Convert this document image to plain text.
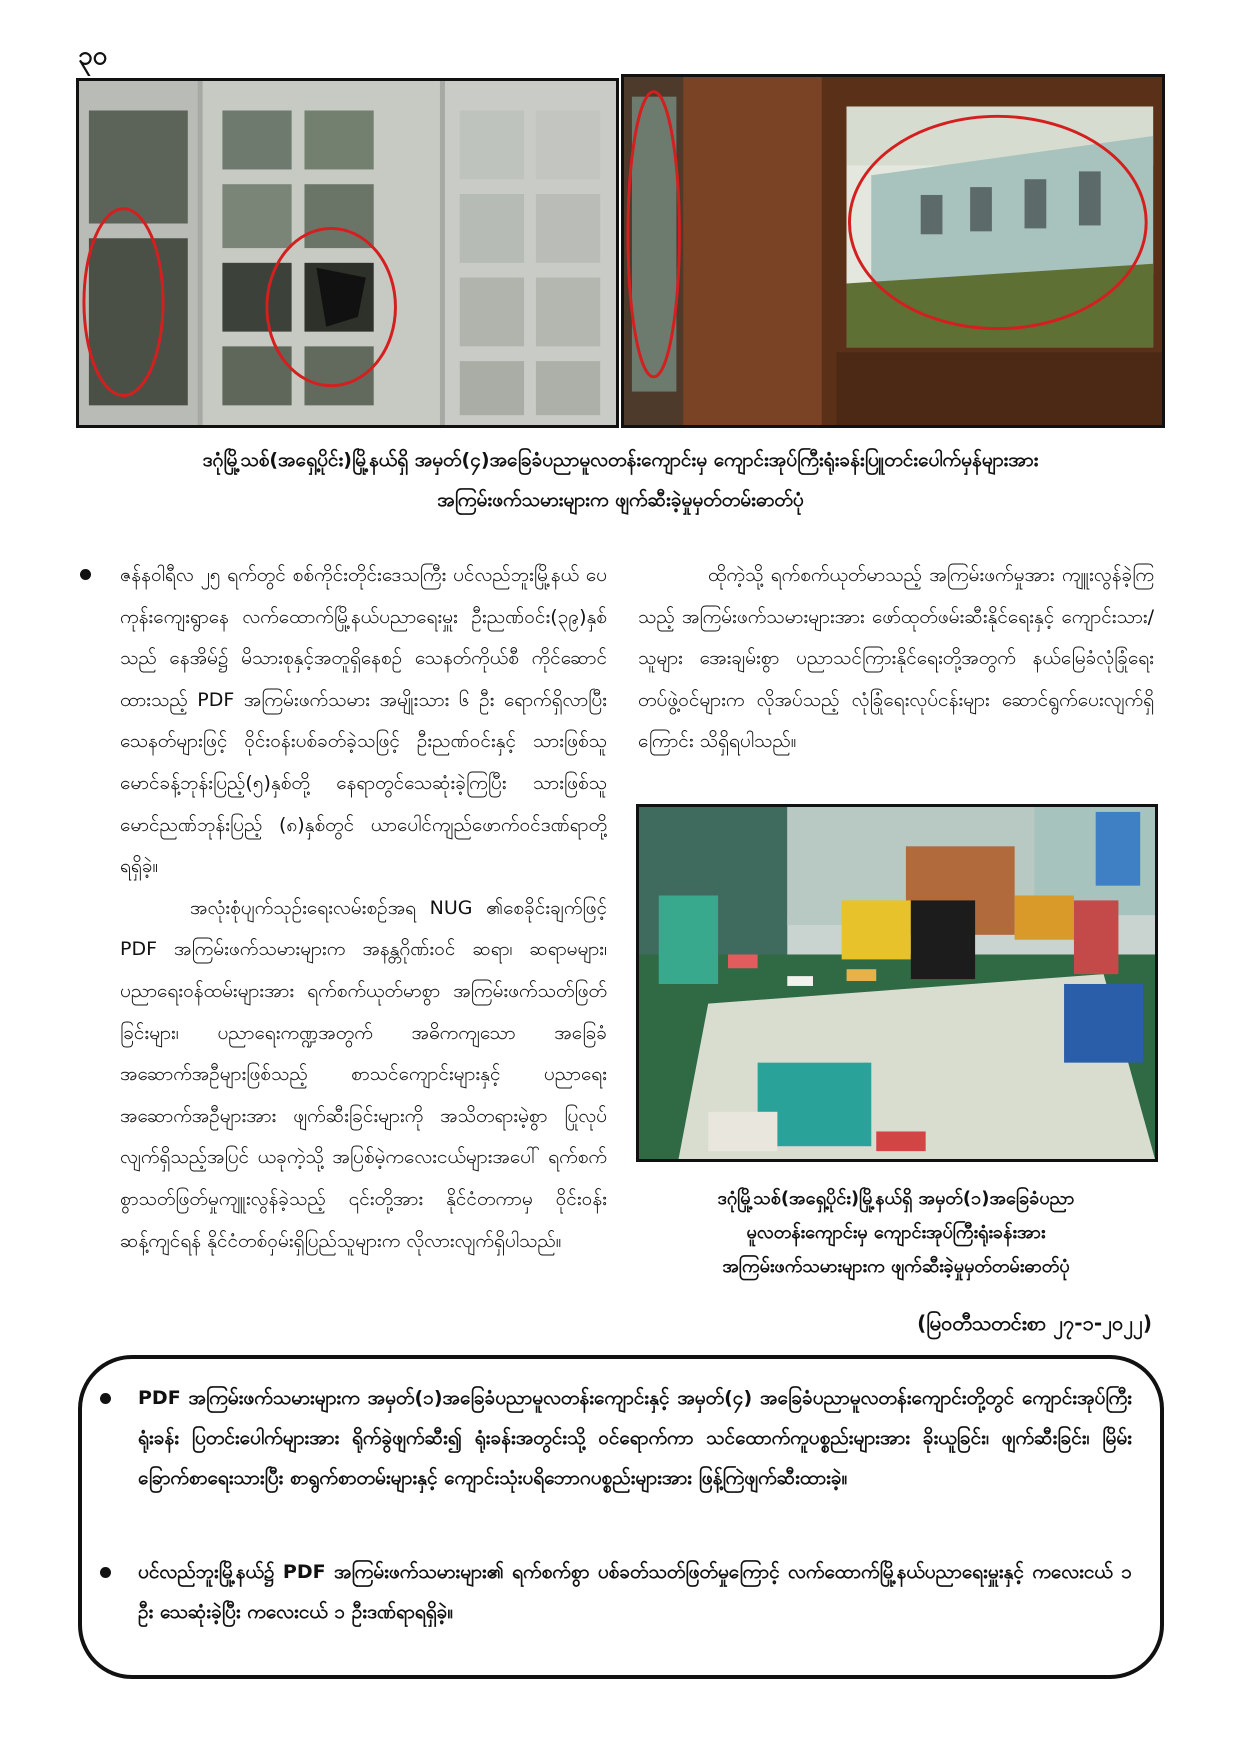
၃၀
ဒဂုံမြို့သစ်(အရှေ့ပိုင်း)မြို့နယ်ရှိ အမှတ်(၄)အခြေခံပညာမူလတန်းကျောင်းမှ ကျောင်းအုပ်ကြီးရုံးခန်းပြူတင်းပေါက်မှန်များအား
အကြမ်းဖက်သမားများက ဖျက်ဆီးခဲ့မှုမှတ်တမ်းဓာတ်ပုံ

ဇန်နဝါရီလ ၂၅ ရက်တွင် စစ်ကိုင်းတိုင်းဒေသကြီး ပင်လည်ဘူးမြို့နယ် ပေကုန်းကျေးရွာနေ လက်ထောက်မြို့နယ်ပညာရေးမှူး ဦးညဏ်ဝင်း(၃၉)နှစ်သည် နေအိမ်၌ မိသားစုနှင့်အတူရှိနေစဉ် သေနတ်ကိုယ်စီ ကိုင်ဆောင်ထားသည့် PDF အကြမ်းဖက်သမား အမျိုးသား ၆ ဦး ရောက်ရှိလာပြီး သေနတ်များဖြင့် ဝိုင်းဝန်းပစ်ခတ်ခဲ့သဖြင့် ဦးညဏ်ဝင်းနှင့် သားဖြစ်သူ မောင်ခန့်ဘုန်းပြည့်(၅)နှစ်တို့ နေရာတွင်သေဆုံးခဲ့ကြပြီး သားဖြစ်သူ မောင်ညဏ်ဘုန်းပြည့် (၈)နှစ်တွင် ယာပေါင်ကျည်ဖောက်ဝင်ဒဏ်ရာတို့ ရရှိခဲ့။

အလုံးစုံပျက်သုဉ်းရေးလမ်းစဉ်အရ NUG ၏စေခိုင်းချက်ဖြင့် PDF အကြမ်းဖက်သမားများက အနန္တဂိုဏ်းဝင် ဆရာ၊ ဆရာမများ၊ ပညာရေးဝန်ထမ်းများအား ရက်စက်ယုတ်မာစွာ အကြမ်းဖက်သတ်ဖြတ်ခြင်းများ၊ ပညာရေးကဏ္ဍအတွက် အဓိကကျသော အခြေခံအဆောက်အဦများဖြစ်သည့် စာသင်ကျောင်းများနှင့် ပညာရေးအဆောက်အဦများအား ဖျက်ဆီးခြင်းများကို အသိတရားမဲ့စွာ ပြုလုပ်လျက်ရှိသည့်အပြင် ယခုကဲ့သို့ အပြစ်မဲ့ကလေးငယ်များအပေါ် ရက်စက်စွာသတ်ဖြတ်မှုကျူးလွန်ခဲ့သည့် ၎င်းတို့အား နိုင်ငံတကာမှ ဝိုင်းဝန်းဆန့်ကျင်ရန် နိုင်ငံတစ်ဝှမ်းရှိပြည်သူများက လိုလားလျက်ရှိပါသည်။

ထိုကဲ့သို့ ရက်စက်ယုတ်မာသည့် အကြမ်းဖက်မှုအား ကျူးလွန်ခဲ့ကြသည့် အကြမ်းဖက်သမားများအား ဖော်ထုတ်ဖမ်းဆီးနိုင်ရေးနှင့် ကျောင်းသား/သူများ အေးချမ်းစွာ ပညာသင်ကြားနိုင်ရေးတို့အတွက် နယ်မြေခံလုံခြုံရေးတပ်ဖွဲ့ဝင်များက လိုအပ်သည့် လုံခြုံရေးလုပ်ငန်းများ ဆောင်ရွက်ပေးလျက်ရှိကြောင်း သိရှိရပါသည်။

ဒဂုံမြို့သစ်(အရှေ့ပိုင်း)မြို့နယ်ရှိ အမှတ်(၁)အခြေခံပညာ
မူလတန်းကျောင်းမှ ကျောင်းအုပ်ကြီးရုံးခန်းအား
အကြမ်းဖက်သမားများက ဖျက်ဆီးခဲ့မှုမှတ်တမ်းဓာတ်ပုံ
(မြဝတီသတင်းစာ ၂၇-၁-၂၀၂၂)
PDF အကြမ်းဖက်သမားများက အမှတ်(၁)အခြေခံပညာမူလတန်းကျောင်းနှင့် အမှတ်(၄) အခြေခံပညာမူလတန်းကျောင်းတို့တွင် ကျောင်းအုပ်ကြီးရုံးခန်း ပြတင်းပေါက်များအား ရိုက်ခွဲဖျက်ဆီး၍ ရုံးခန်းအတွင်းသို့ ဝင်ရောက်ကာ သင်ထောက်ကူပစ္စည်းများအား ခိုးယူခြင်း၊ ဖျက်ဆီးခြင်း၊ မြိမ်းခြောက်စာရေးသားပြီး စာရွက်စာတမ်းများနှင့် ကျောင်းသုံးပရိဘောဂပစ္စည်းများအား ဖြန့်ကြဲဖျက်ဆီးထားခဲ့။
ပင်လည်ဘူးမြို့နယ်၌ PDF အကြမ်းဖက်သမားများ၏ ရက်စက်စွာ ပစ်ခတ်သတ်ဖြတ်မှုကြောင့် လက်ထောက်မြို့နယ်ပညာရေးမှူးနှင့် ကလေးငယ် ၁ ဦး သေဆုံးခဲ့ပြီး ကလေးငယ် ၁ ဦးဒဏ်ရာရရှိခဲ့။
